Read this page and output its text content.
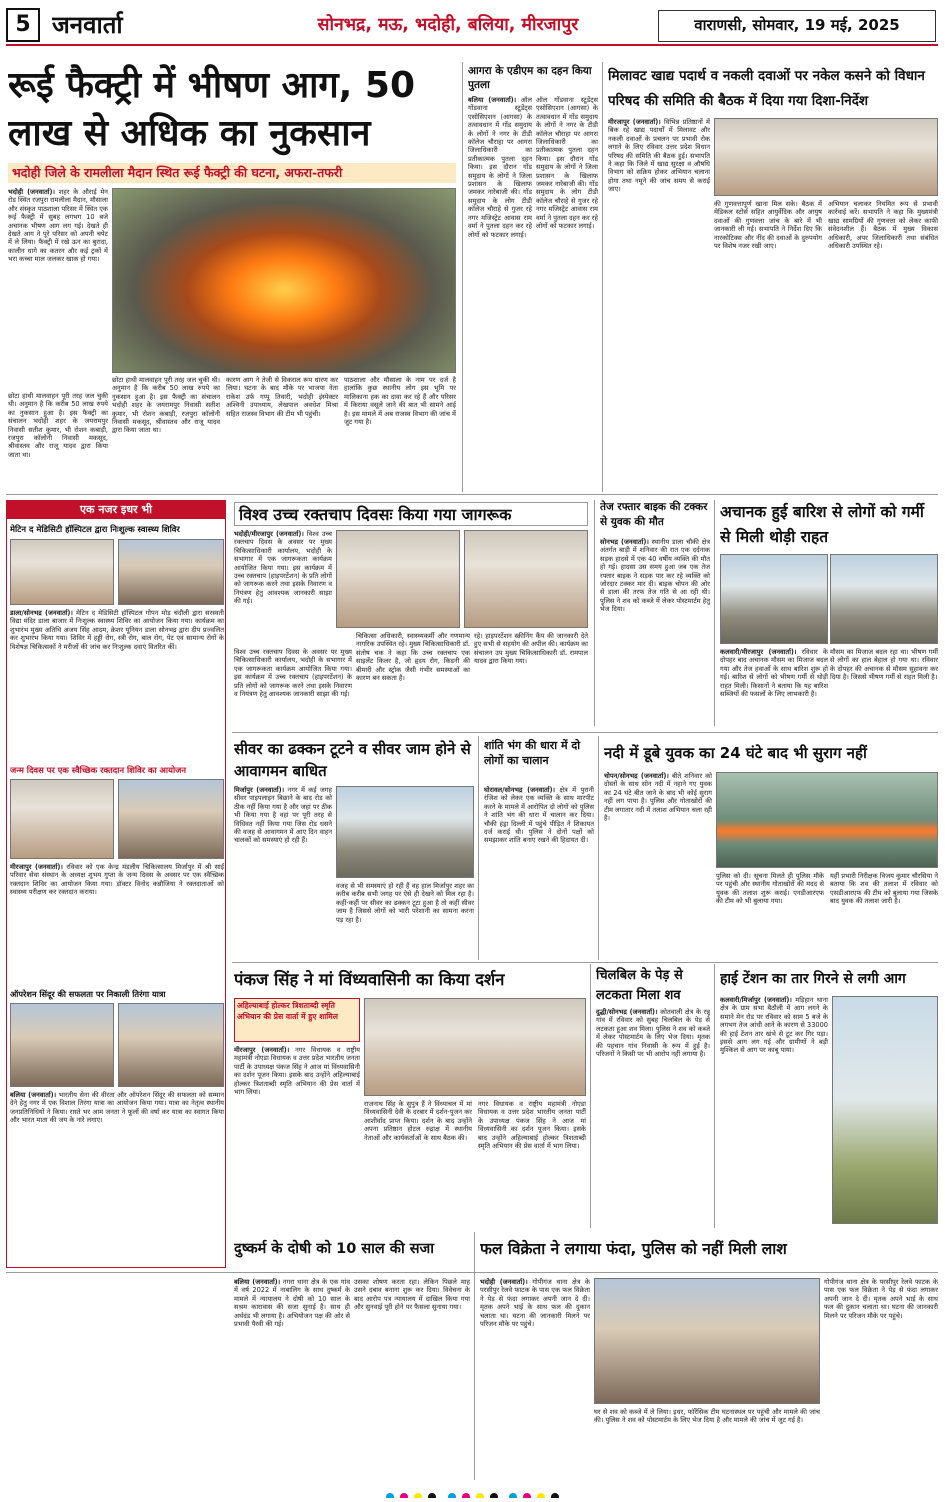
5 जनवार्ता	सोनभद्र, मऊ, भदोही, बलिया, मीरजापुर	वाराणसी, सोमवार, 19 मई, 2025
रूई फैक्ट्री में भीषण आग, 50 लाख से अधिक का नुकसान
भदोही जिले के रामलीला मैदान स्थित रूई फैक्ट्री की घटना, अफरा-तफरी
भदोही (जनवार्ता)। शहर के औराई मेन रोड स्थित रजपुरा रामलीला मैदान, मौसाला और संस्कृत पाठशाला परिसर में स्थित एक रूई फैक्ट्री में सुबह लगभग 10 बजे अचानक भीषण आग लग गई। देखते ही देखते आग ने पूरे परिसर को अपनी चपेट में ले लिया। फैक्ट्री में रखे ऊन का बुरादा, कालीन धागे का कतरन और कई ट्रकों में भरा कच्चा माल जलकर खाक हो गया।
छोटा हाथी मालवाहन पूरी तरह जल चुकी थी। अनुमान है कि करीब 50 लाख रुपये का नुकसान हुआ है। इस फैक्ट्री का संचालन भदोही शहर के जयरामपुर निवासी सतीश कुमार, भी रोशन कबाड़ी, रजपुरा कॉलोनी निवासी मकसूद, श्रीवास्तव और राजू यादव द्वारा किया जाता था।
कारण आग ने तेजी से विकराल रूप धारण कर लिया। घटना के बाद मौके पर भाजपा नेता राकेश उर्फ गप्पू तिवारी, भदोही इंस्पेक्टर अश्विनी उपाध्याय, लेखपाल अवधेश मिश्रा सहित राजस्व विभाग की टीम भी पहुंची।
पाठशाला और मौसाला के नाम पर दर्ज है हालांकि कुछ स्थानीय लोग इस भूमि पर मालिकाना हक का दावा कर रहे हैं और परिसर में किराया वसूले जाने की बात भी सामने आई है। इस मामले में अब राजस्व विभाग की जांच में जुट गया है।
छोटा हाथी मालवाहन पूरी तरह जल चुकी थी। अनुमान है कि करीब 50 लाख रुपये का नुकसान हुआ है। इस फैक्ट्री का संचालन भदोही शहर के जयरामपुर निवासी सतीश कुमार, भी रोशन कबाड़ी, रजपुरा कॉलोनी निवासी मकसूद, श्रीवास्तव और राजू यादव द्वारा किया जाता था।
आगरा के एडीएम का दहन किया पुतला
बलिया (जनवार्ता)। ऑल गोंडवाना स्टूडेंट्स एसोसिएशन (आगसा) के तत्वावधान में गोंड समुदाय के लोगों ने नगर के टीडी कॉलेज चौराहा पर आगरा जिलाधिकारी का प्रतीकात्मक पुतला दहन किया। इस दौरान गोंड समुदाय के लोगों ने जिला प्रशासन के खिलाफ जमकर नारेबाजी की। गोंड समुदाय के लोग टीडी कॉलेज चौराहे से गुजर रहे नगर मजिस्ट्रेट आवास राम वर्मा ने पुतला दहन कर रहे लोगों को फटकार लगाई।
ऑल गोंडवाना स्टूडेंट्स एसोसिएशन (आगसा) के तत्वावधान में गोंड समुदाय के लोगों ने नगर के टीडी कॉलेज चौराहा पर आगरा जिलाधिकारी का प्रतीकात्मक पुतला दहन किया। इस दौरान गोंड समुदाय के लोगों ने जिला प्रशासन के खिलाफ जमकर नारेबाजी की। गोंड समुदाय के लोग टीडी कॉलेज चौराहे से गुजर रहे नगर मजिस्ट्रेट आवास राम वर्मा ने पुतला दहन कर रहे लोगों को फटकार लगाई।
मिलावट खाद्य पदार्थ व नकली दवाओं पर नकेल कसने को विधान परिषद की समिति की बैठक में दिया गया दिशा-निर्देश
मीरजापुर (जनवार्ता)। विभिन्न प्रतिष्ठानों में बिक रहे खाद्य पदार्थों में मिलावट और नकली दवाओं के प्रचलन पर प्रभावी रोक लगाने के लिए रविवार उत्तर प्रदेश विधान परिषद की समिति की बैठक हुई। सभापति ने कहा कि जिले में खाद्य सुरक्षा व औषधि विभाग को सक्रिय होकर अभियान चलाना होगा तथा नमूने की जांच समय से कराई जाए।
की गुणवत्तापूर्ण खाना मिल सके। बैठक में मेडिकल स्टोर्स सहित आयुर्वेदिक और आयुष दवाओं की गुणवत्ता जांच के बारे में भी जानकारी ली गई। सभापति ने निर्देश दिए कि नारकोटिक्स और नींद की दवाओं के दुरुपयोग पर विशेष नजर रखी जाए।
अभियान चलाकर नियमित रूप से प्रभावी कार्रवाई करें। सभापति ने कहा कि मुख्यमंत्री खाद्य सामग्रियों की गुणवत्ता को लेकर काफी संवेदनशील हैं। बैठक में मुख्य विकास अधिकारी, अपर जिलाधिकारी तथा संबंधित अधिकारी उपस्थित रहे।
एक नजर इधर भी
मेटिन द मेडिसिटी हॉस्पिटल द्वारा निःशुल्क स्वास्थ्य शिविर
डाला/सोनभद्र (जनवार्ता)। मेटिन द मेडिसिटी हॉस्पिटल गोपन मोड़ चंदौली द्वारा सरस्वती विद्या मंदिर डाला बाजार में निःशुल्क स्वास्थ्य शिविर का आयोजन किया गया। कार्यक्रम का शुभारंभ मुख्य अतिथि अजय सिंह आदम, क्रेशर यूनियन डाला सोनभद्र द्वारा दीप प्रज्वलित कर शुभारंभ किया गया। शिविर में हड्डी रोग, स्त्री रोग, बाल रोग, पेट एवं सामान्य रोगों के विशेषज्ञ चिकित्सकों ने मरीजों की जांच कर निःशुल्क दवाएं वितरित कीं।
जन्म दिवस पर एक स्वैच्छिक रक्तदान शिविर का आयोजन
मीरजापुर (जनवार्ता)। रविवार को एक केन्द्र मंडलीय चिकित्सालय मिर्जापुर में श्री साईं परिवार सेवा संस्थान के अध्यक्ष शुभम गुप्ता के जन्म दिवस के अवसर पर एक स्वैच्छिक रक्तदान शिविर का आयोजन किया गया। डॉक्टर विनोद कन्नौजिया ने रक्तदाताओं को स्वास्थ्य परीक्षण कर रक्तदान कराया।
ऑपरेशन सिंदूर की सफलता पर निकाली तिरंगा यात्रा
बलिया (जनवार्ता)। भारतीय सेना की वीरता और ऑपरेशन सिंदूर की सफलता को सम्मान देने हेतु नगर में एक विशाल तिरंगा यात्रा का आयोजन किया गया। यात्रा का नेतृत्व स्थानीय जनप्रतिनिधियों ने किया। रास्ते भर आम जनता ने फूलों की वर्षा कर यात्रा का स्वागत किया और भारत माता की जय के नारे लगाए।
विश्व उच्च रक्तचाप दिवसः किया गया जागरूक
भदोही/मीरजापुर (जनवार्ता)। विश्व उच्च रक्तचाप दिवस के अवसर पर मुख्य चिकित्साधिकारी कार्यालय, भदोही के सभागार में एक जागरूकता कार्यक्रम आयोजित किया गया। इस कार्यक्रम में उच्च रक्तचाप (हाइपरटेंशन) के प्रति लोगों को जागरूक करने तथा इसके निवारण व नियंत्रण हेतु आवश्यक जानकारी साझा की गई।
विश्व उच्च रक्तचाप दिवस के अवसर पर मुख्य चिकित्साधिकारी कार्यालय, भदोही के सभागार में एक जागरूकता कार्यक्रम आयोजित किया गया। इस कार्यक्रम में उच्च रक्तचाप (हाइपरटेंशन) के प्रति लोगों को जागरूक करने तथा इसके निवारण व नियंत्रण हेतु आवश्यक जानकारी साझा की गई।
चिकित्सा अधिकारी, स्वास्थ्यकर्मी और गणमान्य नागरिक उपस्थित रहे। मुख्य चिकित्साधिकारी डॉ. संतोष चक ने कहा कि उच्च रक्तचाप एक साइलेंट किलर है, जो हृदय रोग, किडनी की बीमारी और स्ट्रोक जैसी गंभीर समस्याओं का कारण बन सकता है।
रहे। हाइपरटेंशन स्क्रीनिंग कैंप की जानकारी देते हुए सभी से सहयोग की अपील की। कार्यक्रम का संचालन उप मुख्य चिकित्साधिकारी डॉ. रामपाल यादव द्वारा किया गया।
तेज रफ्तार बाइक की टक्कर से युवक की मौत
सोनभद्र (जनवार्ता)। स्थानीय डाला चौकी क्षेत्र अंतर्गत बाड़ी में शनिवार की रात एक दर्दनाक सड़क हादसे में एक 40 वर्षीय व्यक्ति की मौत हो गई। हादसा उस समय हुआ जब एक तेज रफ्तार बाइक ने सड़क पार कर रहे व्यक्ति को जोरदार टक्कर मार दी। बाइक चोपन की ओर से डाला की तरफ तेज गति से आ रही थी। पुलिस ने शव को कब्जे में लेकर पोस्टमार्टम हेतु भेज दिया।
अचानक हुई बारिश से लोगों को गर्मी से मिली थोड़ी राहत
कलवारी/मीरजापुर (जनवार्ता)। रविवार के दोपहर बाद अचानक मौसम का मिजाज बदल गया और तेज हवाओं के साथ बारिश शुरू हो गई। बारिश से लोगों को भीषण गर्मी से थोड़ी राहत मिली। किसानों ने बताया कि यह बारिश सब्जियों की फसलों के लिए लाभकारी है।
मौसम का मिजाज बदल रहा था। भीषण गर्मी से लोगों का हाल बेहाल हो गया था। रविवार के दोपहर की अचानक से मौसम सुहावना कर दिया है। जिससे भीषण गर्मी से राहत मिली है।
सीवर का ढक्कन टूटने व सीवर जाम होने से आवागमन बाधित
मिर्जापुर (जनवार्ता)। नगर में कई जगह सीवर पाइपलाइन बिछाने के बाद रोड को ठीक नहीं किया गया है और जहां पर ठीक भी किया गया है वहां पर पूरी तरह से विधिवत नहीं किया गया जिस रोड धसने की वजह से आवागमन में आए दिन वाहन चालकों को समस्याएं हो रही हैं।
वजह से भी समस्याएं हो रही हैं वह हाल मिर्जापुर शहर का करीब करीब सभी जगह पर ऐसे ही देखने को मिल रहा है। कहीं-कहीं पर सीवर का ढक्कन टूटा हुआ है तो कहीं सीवर जाम है जिससे लोगों को भारी परेशानी का सामना करना पड़ रहा है।
शांति भंग की धारा में दो लोगों का चालान
घोरावल/सोनभद्र (जनवार्ता)। क्षेत्र में पुरानी रंजिश को लेकर एक व्यक्ति के साथ मारपीट करने के मामले में आरोपित दो लोगों को पुलिस ने शांति भंग की धारा में चालान कर दिया। चौकी हंड्रा दिल्ली में पहुंचे पीड़ित ने शिकायत दर्ज कराई थी। पुलिस ने दोनों पक्षों को समझाकर शांति बनाए रखने की हिदायत दी।
नदी में डूबे युवक का 24 घंटे बाद भी सुराग नहीं
चोपन/सोनभद्र (जनवार्ता)। बीते शनिवार को दोस्तों के साथ सोन नदी में नहाने गए युवक का 24 घंटे बीत जाने के बाद भी कोई सुराग नहीं लग पाया है। पुलिस और गोताखोरों की टीम लगातार नदी में तलाश अभियान चला रही है।
पुलिस को दी। सूचना मिलते ही पुलिस मौके पर पहुंची और स्थानीय गोताखोरों की मदद से युवक की तलाश शुरू कराई। एनडीआरएफ की टीम को भी बुलाया गया।
यहीं प्रभारी निरीक्षक विजय कुमार चौरसिया ने बताया कि शव की तलाश में रविवार को एसडीआरएफ की टीम को बुलाया गया जिसके बाद युवक की तलाश जारी है।
पंकज सिंह ने मां विंध्यवासिनी का किया दर्शन
अहिल्याबाई होल्कर त्रिशताब्दी स्मृति अभियान की प्रेस वार्ता में हुए शामिल
मीरजापुर (जनवार्ता)। नगर विधायक व राष्ट्रीय महामंत्री नोएडा विधायक व उत्तर प्रदेश भारतीय जनता पार्टी के उपाध्यक्ष पंकज सिंह ने आज मां विंध्यवासिनी का दर्शन पूजन किया। इसके बाद उन्होंने अहिल्याबाई होल्कर त्रिशताब्दी स्मृति अभियान की प्रेस वार्ता में भाग लिया।
राजनाथ सिंह के सुपुत्र हैं ने विंध्याचल में मां विंध्यवासिनी देवी के दरबार में दर्शन-पूजन कर आशीर्वाद प्राप्त किया। दर्शन के बाद उन्होंने अपना प्रतिष्ठान होटल रुद्राक्ष में स्थानीय नेताओं और कार्यकर्ताओं के साथ बैठक की।
नगर विधायक व राष्ट्रीय महामंत्री नोएडा विधायक व उत्तर प्रदेश भारतीय जनता पार्टी के उपाध्यक्ष पंकज सिंह ने आज मां विंध्यवासिनी का दर्शन पूजन किया। इसके बाद उन्होंने अहिल्याबाई होल्कर त्रिशताब्दी स्मृति अभियान की प्रेस वार्ता में भाग लिया।
चिलबिल के पेड़ से लटकता मिला शव
दुद्धी/सोनभद्र (जनवार्ता)। कोतवाली क्षेत्र के रन्नू गांव में रविवार को सुबह चिलबिल के पेड़ से लटकता हुआ शव मिला। पुलिस ने शव को कब्जे में लेकर पोस्टमार्टम के लिए भेज दिया। मृतक की पहचान गांव निवासी के रूप में हुई है। परिजनों ने किसी पर भी आरोप नहीं लगाया है।
हाई टेंशन का तार गिरने से लगी आग
कलवारी/मिर्जापुर (जनवार्ता)। मड़िहान थाना क्षेत्र के ग्राम सभा बैठौली में आग लगने के समाने मेन रोड पर रविवार को साम 5 बजे के लगभग तेज आंधी आने के कारण से 33000 की हाई टेंशन तार खंभे से टूट कर गिर पड़ा। इससे आग लग गई और ग्रामीणों ने बड़ी मुश्किल से आग पर काबू पाया।
दुष्कर्म के दोषी को 10 साल की सजा
बलिया (जनवार्ता)। नगरा थाना क्षेत्र के एक गांव में वर्ष 2022 में नाबालिग के साथ दुष्कर्म के मामले में न्यायालय ने दोषी को 10 साल के सश्रम कारावास की सजा सुनाई है। साथ ही अर्थदंड भी लगाया है। अभियोजन पक्ष की ओर से प्रभावी पैरवी की गई।
उसका शोषण करता रहा। लेकिन पिछले माह उसने दबाव बनाना शुरू कर दिया। विवेचना के बाद आरोप पत्र न्यायालय में दाखिल किया गया और सुनवाई पूरी होने पर फैसला सुनाया गया।
फल विक्रेता ने लगाया फंदा, पुलिस को नहीं मिली लाश
भदोही (जनवार्ता)। गोपीगंज थाना क्षेत्र के परसीपुर रेलवे फाटक के पास एक फल विक्रेता ने पेड़ से फंदा लगाकर अपनी जान दे दी। मृतक अपने भाई के साथ फल की दुकान चलाता था। घटना की जानकारी मिलने पर परिजन मौके पर पहुंचे।
घर से शव को कब्जे में ले लिया। इधर, फॉरेंसिक टीम घटनास्थल पर पहुंची और मामले की जांच की। पुलिस ने शव को पोस्टमार्टम के लिए भेज दिया है और मामले की जांच में जुट गई है।
गोपीगंज थाना क्षेत्र के परसीपुर रेलवे फाटक के पास एक फल विक्रेता ने पेड़ से फंदा लगाकर अपनी जान दे दी। मृतक अपने भाई के साथ फल की दुकान चलाता था। घटना की जानकारी मिलने पर परिजन मौके पर पहुंचे।
